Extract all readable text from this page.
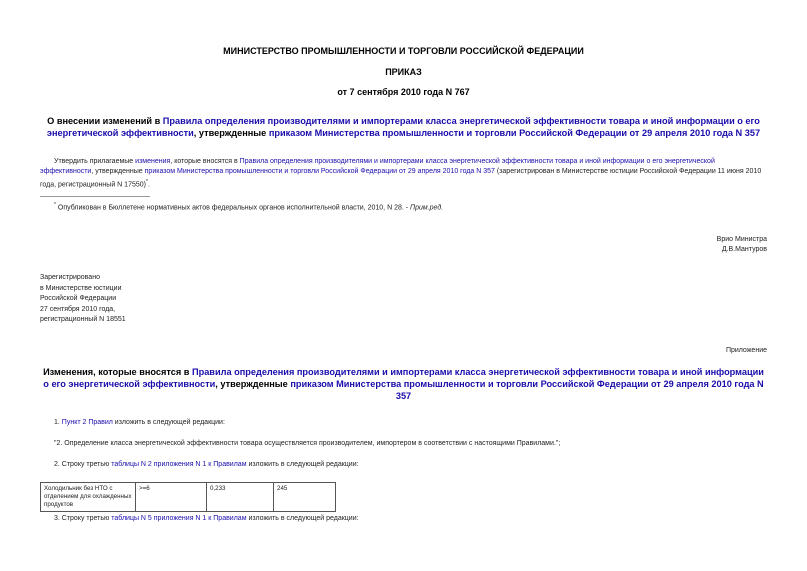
МИНИСТЕРСТВО ПРОМЫШЛЕННОСТИ И ТОРГОВЛИ РОССИЙСКОЙ ФЕДЕРАЦИИ
ПРИКАЗ
от 7 сентября 2010 года N 767
О внесении изменений в Правила определения производителями и импортерами класса энергетической эффективности товара и иной информации о его энергетической эффективности, утвержденные приказом Министерства промышленности и торговли Российской Федерации от 29 апреля 2010 года N 357
Утвердить прилагаемые изменения, которые вносятся в Правила определения производителями и импортерами класса энергетической эффективности товара и иной информации о его энергетической эффективности, утвержденные приказом Министерства промышленности и торговли Российской Федерации от 29 апреля 2010 года N 357 (зарегистрирован в Министерстве юстиции Российской Федерации 11 июня 2010 года, регистрационный N 17550)*.
* Опубликован в Бюллетене нормативных актов федеральных органов исполнительной власти, 2010, N 28. - Прим.ред.
Врио Министра
Д.В.Мантуров
Зарегистрировано
в Министерстве юстиции
Российской Федерации
27 сентября 2010 года,
регистрационный N 18551
Приложение
Изменения, которые вносятся в Правила определения производителями и импортерами класса энергетической эффективности товара и иной информации о его энергетической эффективности, утвержденные приказом Министерства промышленности и торговли Российской Федерации от 29 апреля 2010 года N 357
1. Пункт 2 Правил изложить в следующей редакции:
"2. Определение класса энергетической эффективности товара осуществляется производителем, импортером в соответствии с настоящими Правилами.";
2. Строку третью таблицы N 2 приложения N 1 к Правилам изложить в следующей редакции:
Холодильник без НТО с отделением для охлажденных продуктов	>=6	0,233	245
3. Строку третью таблицы N 5 приложения N 1 к Правилам изложить в следующей редакции:
